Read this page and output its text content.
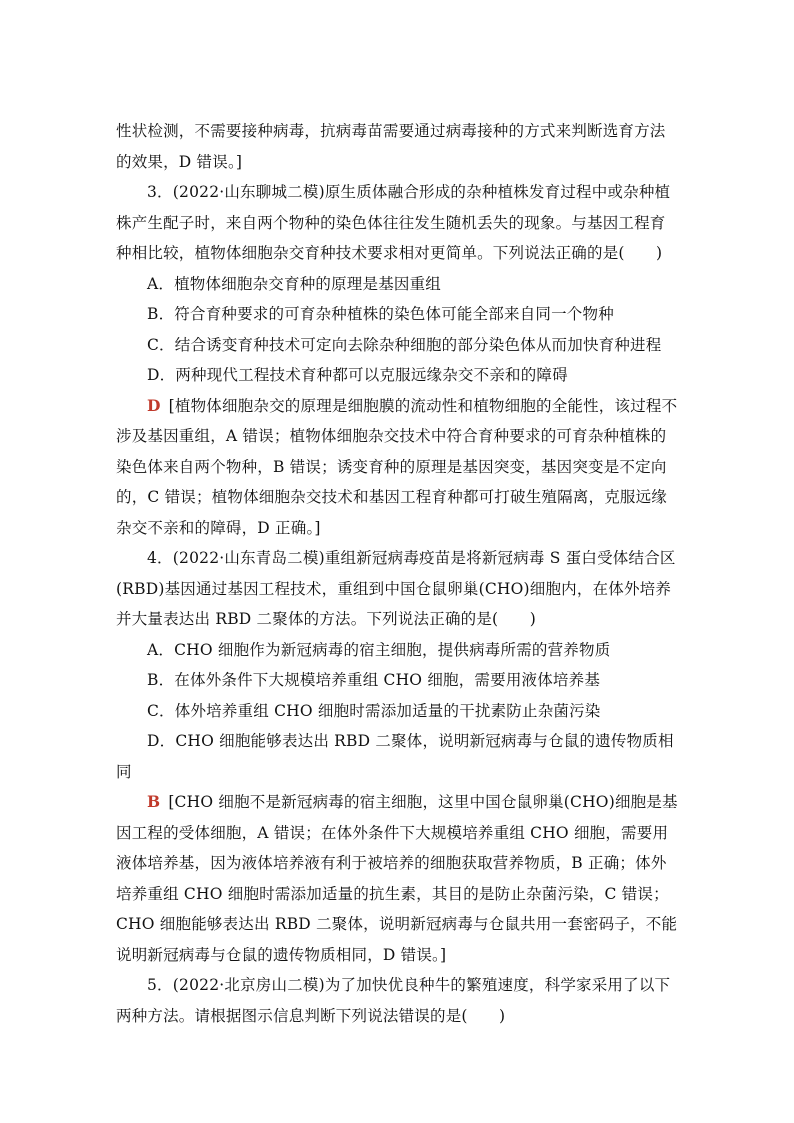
性状检测，不需要接种病毒，抗病毒苗需要通过病毒接种的方式来判断选育方法的效果，D 错误。]

3．(2022·山东聊城二模)原生质体融合形成的杂种植株发育过程中或杂种植株产生配子时，来自两个物种的染色体往往发生随机丢失的现象。与基因工程育种相比较，植物体细胞杂交育种技术要求相对更简单。下列说法正确的是(　　)

A．植物体细胞杂交育种的原理是基因重组

B．符合育种要求的可育杂种植株的染色体可能全部来自同一个物种

C．结合诱变育种技术可定向去除杂种细胞的部分染色体从而加快育种进程

D．两种现代工程技术育种都可以克服远缘杂交不亲和的障碍

D [植物体细胞杂交的原理是细胞膜的流动性和植物细胞的全能性，该过程不涉及基因重组，A 错误；植物体细胞杂交技术中符合育种要求的可育杂种植株的染色体来自两个物种，B 错误；诱变育种的原理是基因突变，基因突变是不定向的，C 错误；植物体细胞杂交技术和基因工程育种都可打破生殖隔离，克服远缘杂交不亲和的障碍，D 正确。]

4．(2022·山东青岛二模)重组新冠病毒疫苗是将新冠病毒 S 蛋白受体结合区(RBD)基因通过基因工程技术，重组到中国仓鼠卵巢(CHO)细胞内，在体外培养并大量表达出 RBD 二聚体的方法。下列说法正确的是(　　)

A．CHO 细胞作为新冠病毒的宿主细胞，提供病毒所需的营养物质

B．在体外条件下大规模培养重组 CHO 细胞，需要用液体培养基

C．体外培养重组 CHO 细胞时需添加适量的干扰素防止杂菌污染

D．CHO 细胞能够表达出 RBD 二聚体，说明新冠病毒与仓鼠的遗传物质相同

B [CHO 细胞不是新冠病毒的宿主细胞，这里中国仓鼠卵巢(CHO)细胞是基因工程的受体细胞，A 错误；在体外条件下大规模培养重组 CHO 细胞，需要用液体培养基，因为液体培养液有利于被培养的细胞获取营养物质，B 正确；体外培养重组 CHO 细胞时需添加适量的抗生素，其目的是防止杂菌污染，C 错误；CHO 细胞能够表达出 RBD 二聚体，说明新冠病毒与仓鼠共用一套密码子，不能说明新冠病毒与仓鼠的遗传物质相同，D 错误。]

5．(2022·北京房山二模)为了加快优良种牛的繁殖速度，科学家采用了以下两种方法。请根据图示信息判断下列说法错误的是(　　)
